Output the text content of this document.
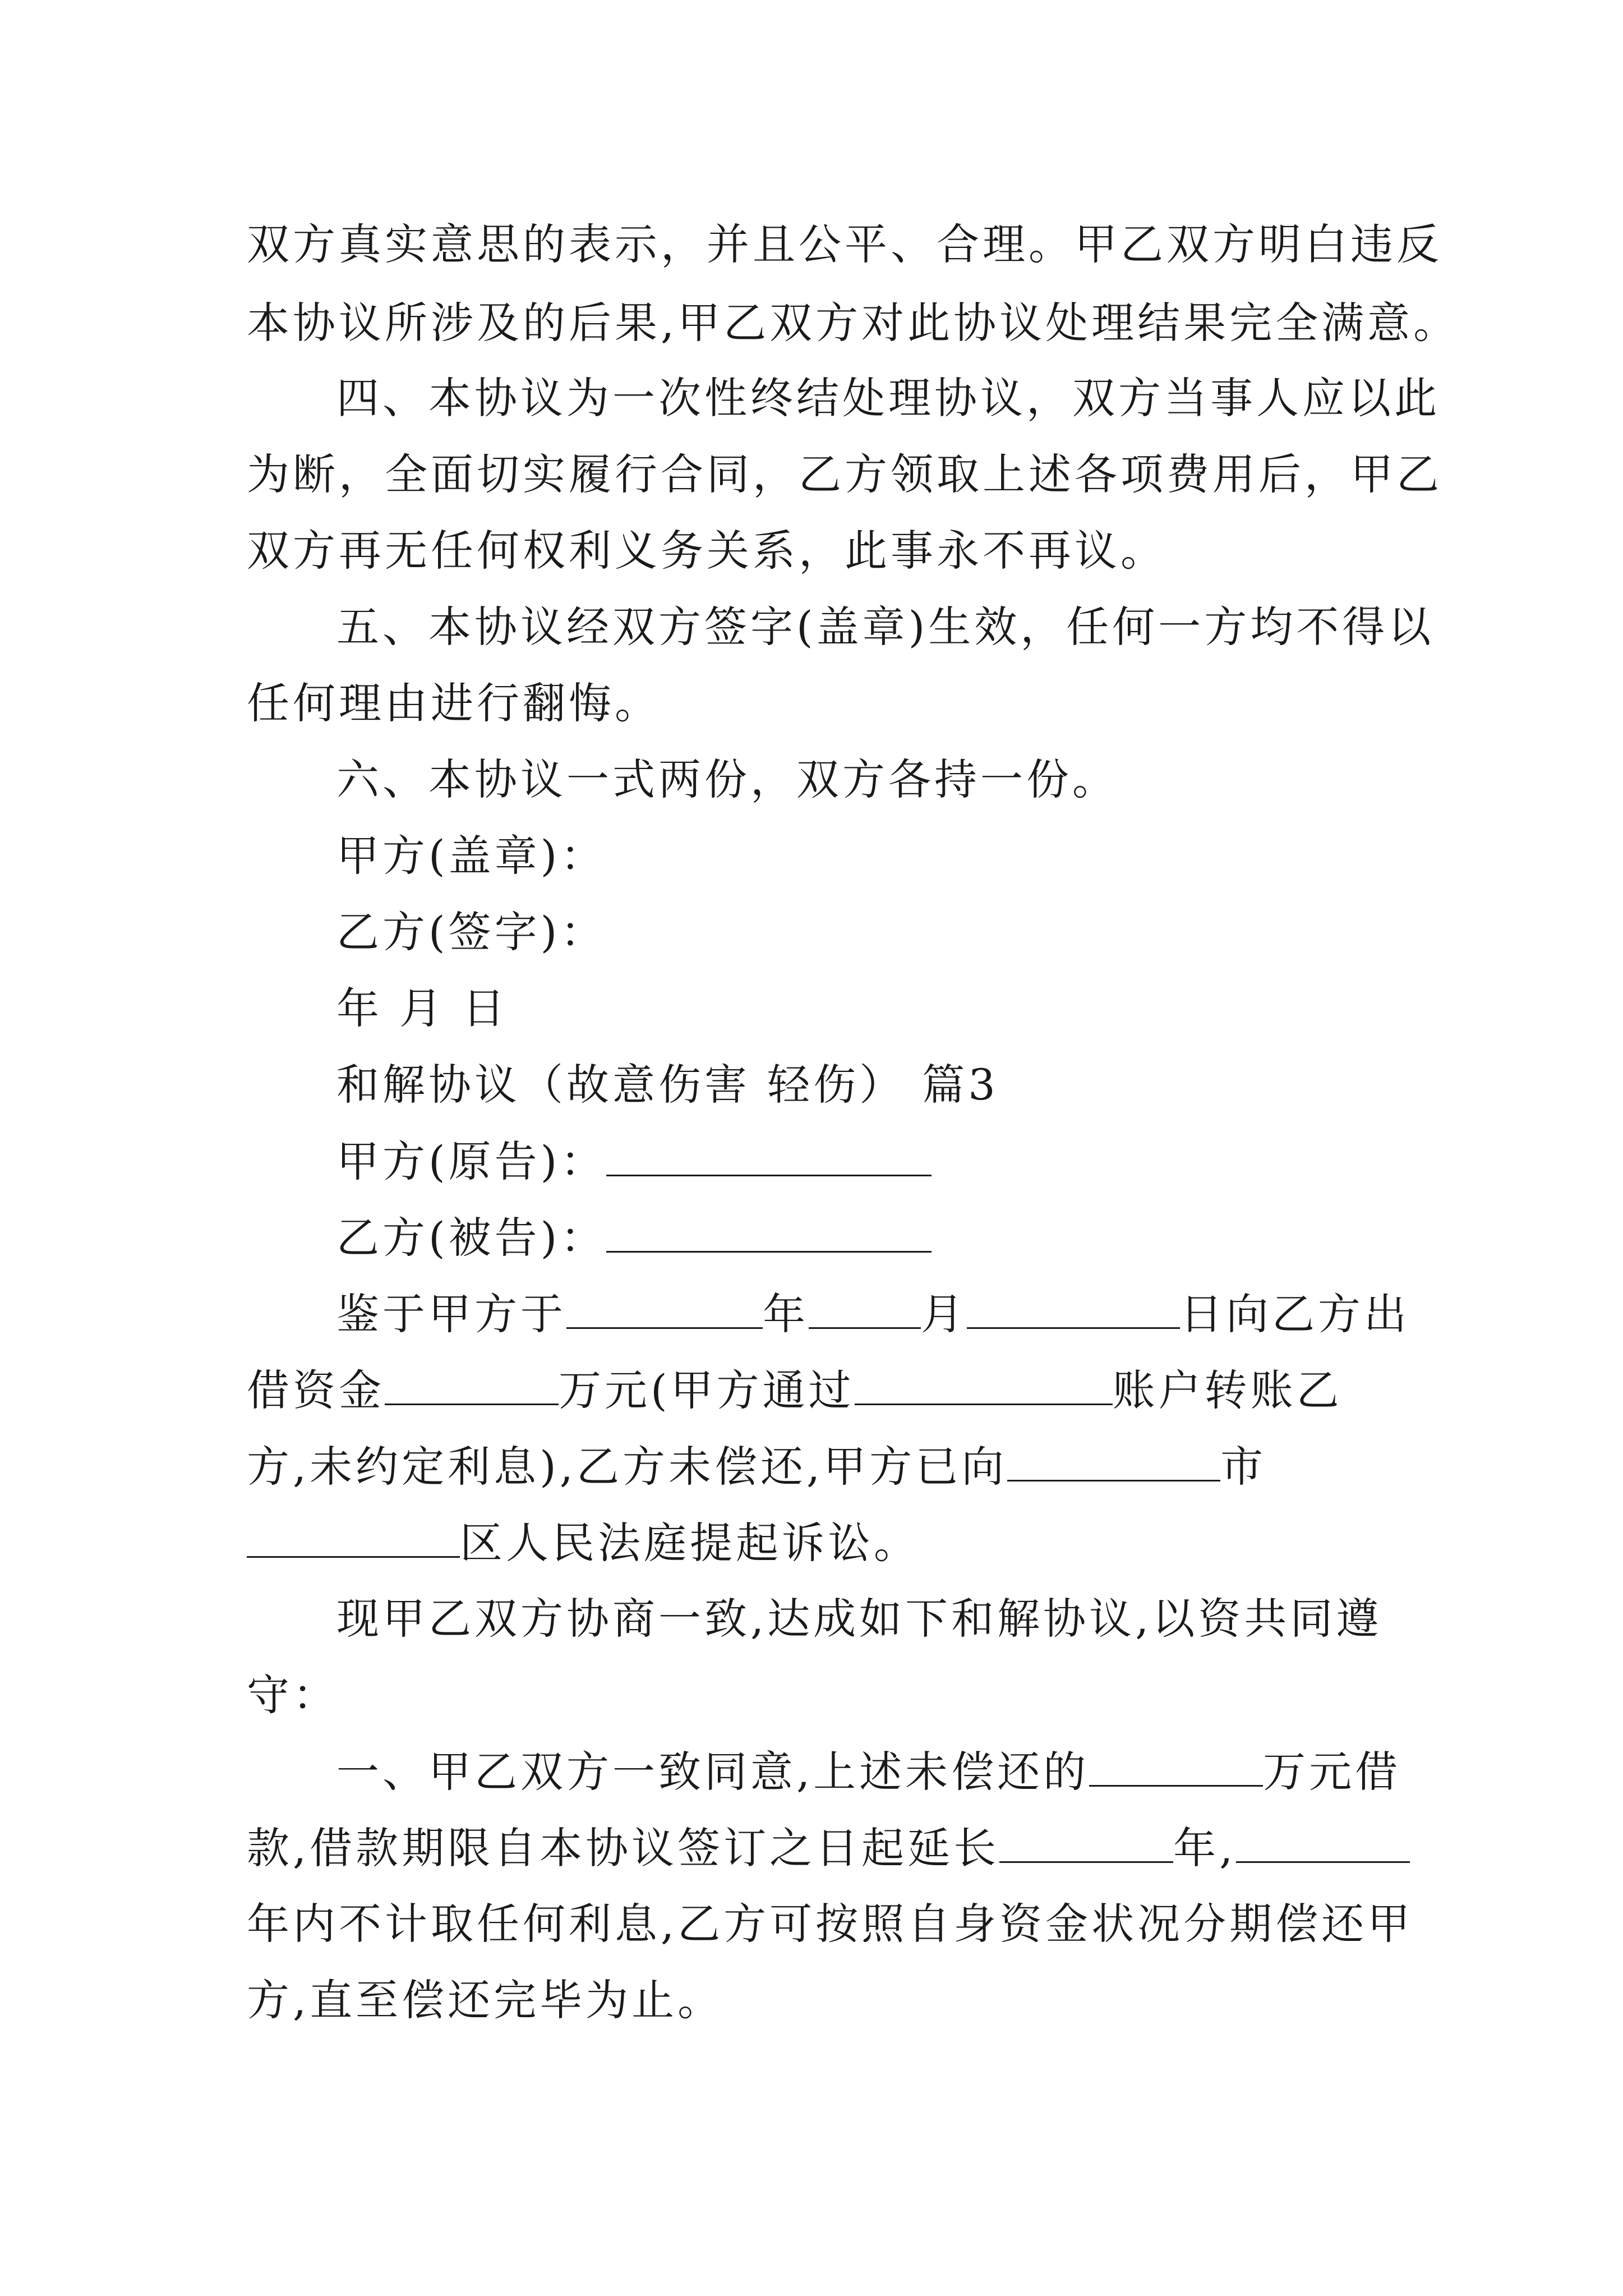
双方真实意思的表示，并且公平、合理。甲乙双方明白违反
本协议所涉及的后果,甲乙双方对此协议处理结果完全满意。
四、本协议为一次性终结处理协议，双方当事人应以此
为断，全面切实履行合同，乙方领取上述各项费用后，甲乙
双方再无任何权利义务关系，此事永不再议。
五、本协议经双方签字(盖章)生效，任何一方均不得以
任何理由进行翻悔。
六、本协议一式两份，双方各持一份。
甲方(盖章)：
乙方(签字)：
年 月 日
和解协议（故意伤害 轻伤） 篇3
甲方(原告)：
乙方(被告)：
鉴于甲方于	年	月	日向乙方出
借资金	万元(甲方通过	账户转账乙
方,未约定利息),乙方未偿还,甲方已向	市
区人民法庭提起诉讼。
现甲乙双方协商一致,达成如下和解协议,以资共同遵
守：
一、甲乙双方一致同意,上述未偿还的	万元借
款,借款期限自本协议签订之日起延长	年,
年内不计取任何利息,乙方可按照自身资金状况分期偿还甲
方,直至偿还完毕为止。
